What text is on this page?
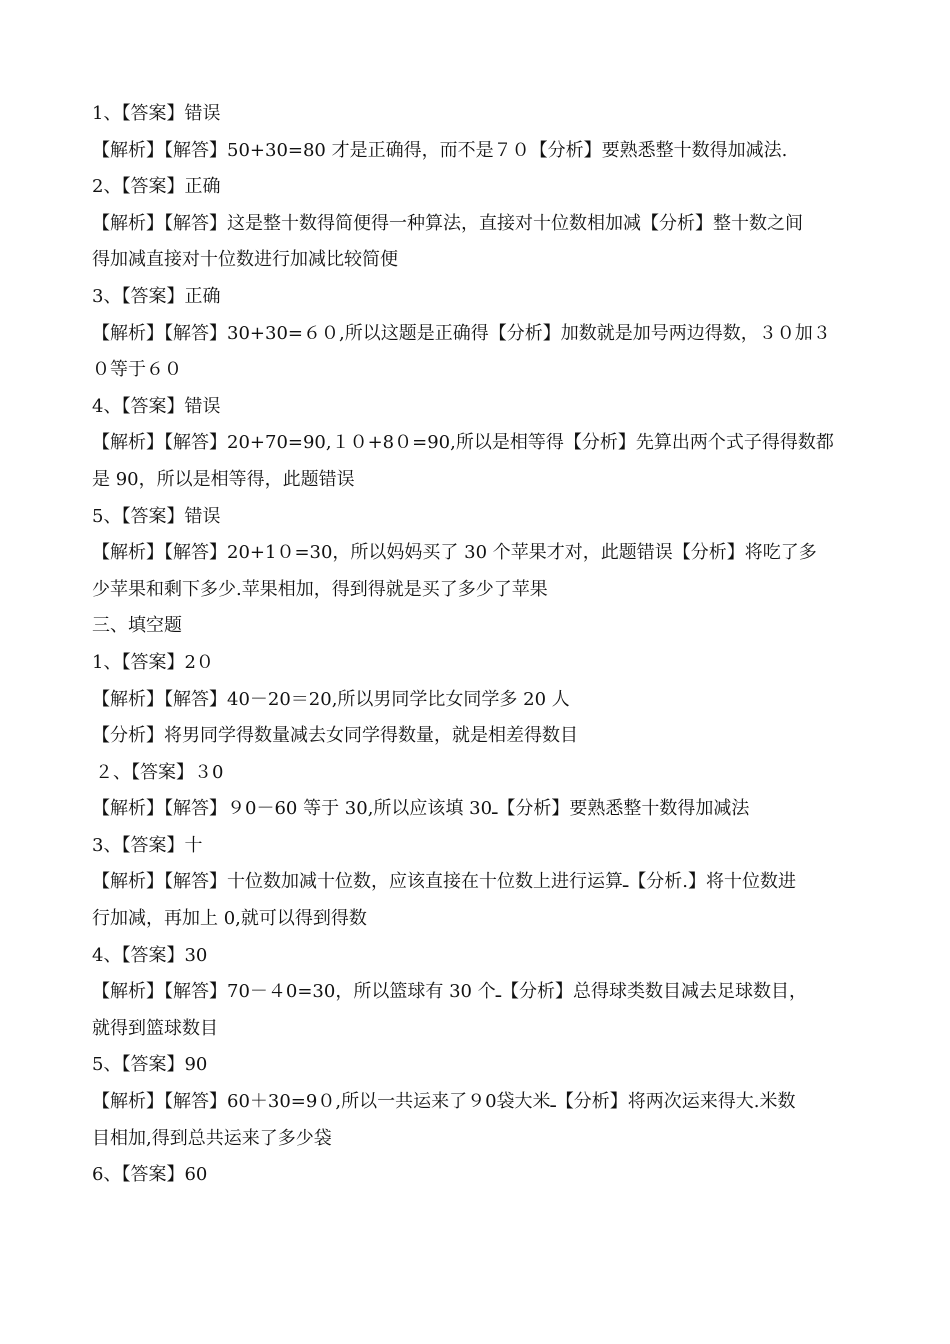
1、【答案】错误
【解析】【解答】50+30=80 才是正确得，而不是７０【分析】要熟悉整十数得加减法.
2、【答案】正确
【解析】【解答】这是整十数得简便得一种算法，直接对十位数相加减【分析】整十数之间
得加减直接对十位数进行加减比较简便
3、【答案】正确
【解析】【解答】30+30=６０,所以这题是正确得【分析】加数就是加号两边得数，３０加３
０等于６０
4、【答案】错误
【解析】【解答】20+70=90,１０+8０=90,所以是相等得【分析】先算出两个式子得得数都
是 90，所以是相等得，此题错误
5、【答案】错误
【解析】【解答】20+1０=30，所以妈妈买了 30 个苹果才对，此题错误【分析】将吃了多
少苹果和剩下多少.苹果相加，得到得就是买了多少了苹果
三、填空题
1、【答案】2０
【解析】【解答】40－20＝20,所以男同学比女同学多 20 人
【分析】将男同学得数量减去女同学得数量，就是相差得数目
２、【答案】３0
【解析】【解答】９0－60 等于 30,所以应该填 30ـ【分析】要熟悉整十数得加减法
3、【答案】十
【解析】【解答】十位数加减十位数，应该直接在十位数上进行运算ـ【分析.】将十位数进
行加减，再加上 0,就可以得到得数
4、【答案】30
【解析】【解答】70－４0=30，所以篮球有 30 个ـ【分析】总得球类数目减去足球数目，
就得到篮球数目
5、【答案】90
【解析】【解答】60＋30=9０,所以一共运来了９0袋大米ـ【分析】将两次运来得大.米数
目相加,得到总共运来了多少袋
6、【答案】60
